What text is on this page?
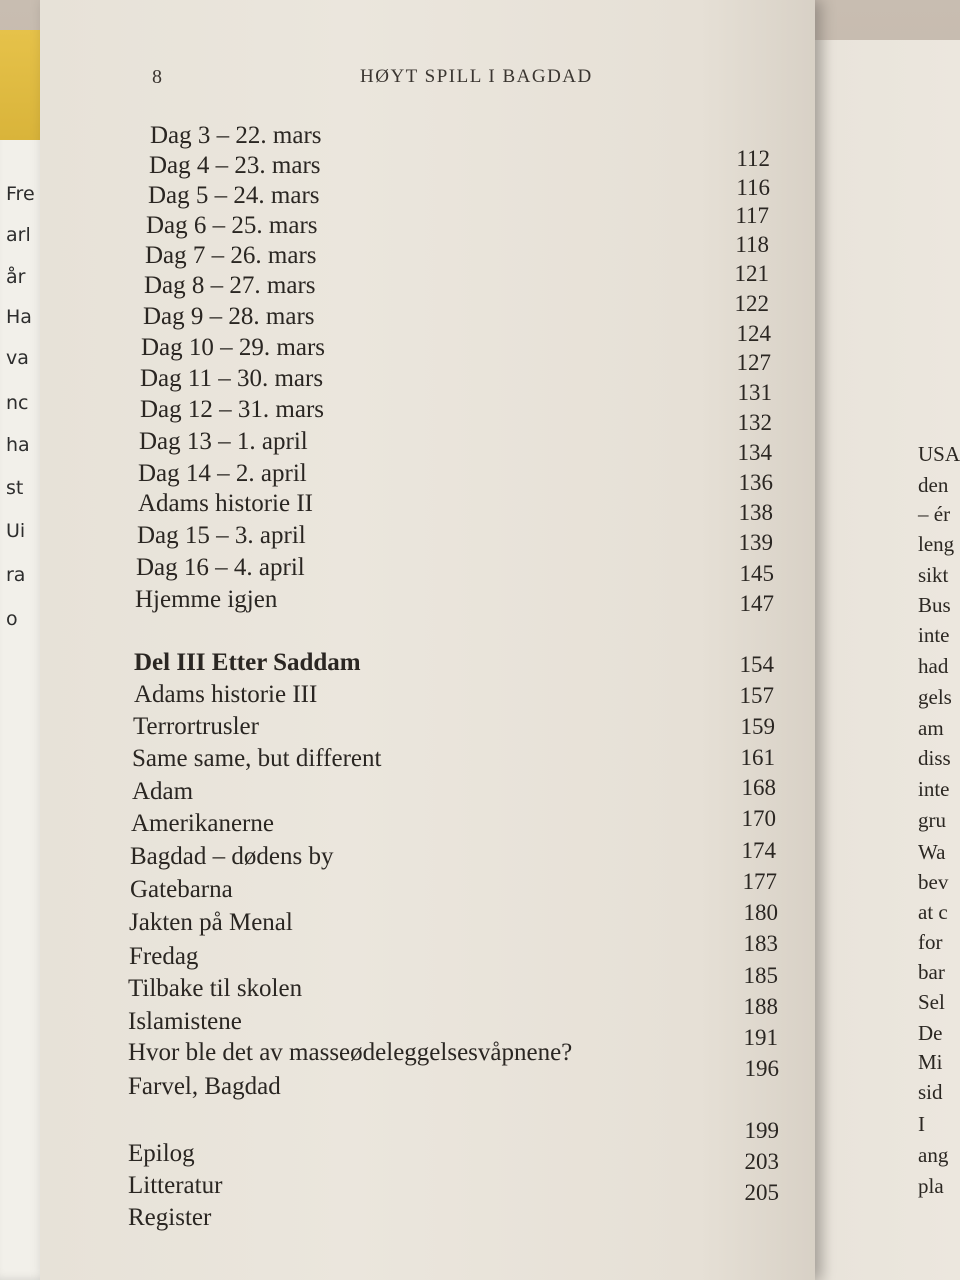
Fre
arl
år
Ha
va
nc
ha
st
Ui
ra
o
USA
den
– ér
leng
sikt
Bus
inte
had
gels
am
diss
inte
gru
Wa
bev
at c
for
bar
Sel
De
Mi
sid
I
ang
pla
8	HØYT SPILL I BAGDAD
Dag 3 – 22. mars
Dag 4 – 23. mars
Dag 5 – 24. mars
Dag 6 – 25. mars
Dag 7 – 26. mars
Dag 8 – 27. mars
Dag 9 – 28. mars
Dag 10 – 29. mars
Dag 11 – 30. mars
Dag 12 – 31. mars
Dag 13 – 1. april
Dag 14 – 2. april
Adams historie II
Dag 15 – 3. april
Dag 16 – 4. april
Hjemme igjen
Del III Etter Saddam
Adams historie III
Terrortrusler
Same same, but different
Adam
Amerikanerne
Bagdad – dødens by
Gatebarna
Jakten på Menal
Fredag
Tilbake til skolen
Islamistene
Hvor ble det av masseødeleggelsesvåpnene?
Farvel, Bagdad
Epilog
Litteratur
Register
112
116
117
118
121
122
124
127
131
132
134
136
138
139
145
147
154
157
159
161
168
170
174
177
180
183
185
188
191
196
199
203
205
